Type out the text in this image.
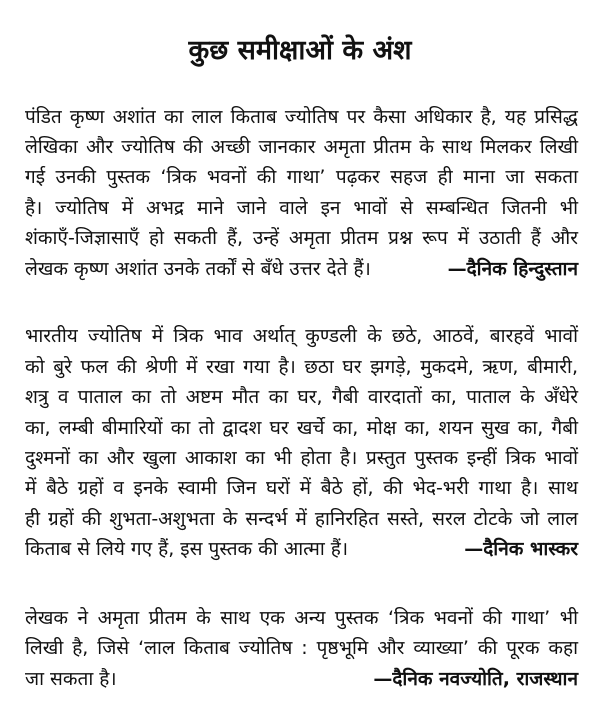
कुछ समीक्षाओं के अंश
पंडित कृष्ण अशांत का लाल किताब ज्योतिष पर कैसा अधिकार है, यह प्रसिद्ध
लेखिका और ज्योतिष की अच्छी जानकार अमृता प्रीतम के साथ मिलकर लिखी
गई उनकी पुस्तक ‘त्रिक भवनों की गाथा’ पढ़कर सहज ही माना जा सकता
है। ज्योतिष में अभद्र माने जाने वाले इन भावों से सम्बन्धित जितनी भी
शंकाएँ-जिज्ञासाएँ हो सकती हैं, उन्हें अमृता प्रीतम प्रश्न रूप में उठाती हैं और
लेखक कृष्ण अशांत उनके तर्कों से बँधे उत्तर देते हैं।	—दैनिक हिन्दुस्तान
भारतीय ज्योतिष में त्रिक भाव अर्थात् कुण्डली के छठे, आठवें, बारहवें भावों
को बुरे फल की श्रेणी में रखा गया है। छठा घर झगड़े, मुकदमे, ऋण, बीमारी,
शत्रु व पाताल का तो अष्टम मौत का घर, गैबी वारदातों का, पाताल के अँधेरे
का, लम्बी बीमारियों का तो द्वादश घर खर्चे का, मोक्ष का, शयन सुख का, गैबी
दुश्मनों का और खुला आकाश का भी होता है। प्रस्तुत पुस्तक इन्हीं त्रिक भावों
में बैठे ग्रहों व इनके स्वामी जिन घरों में बैठे हों, की भेद-भरी गाथा है। साथ
ही ग्रहों की शुभता-अशुभता के सन्दर्भ में हानिरहित सस्ते, सरल टोटके जो लाल
किताब से लिये गए हैं, इस पुस्तक की आत्मा हैं।	—दैनिक भास्कर
लेखक ने अमृता प्रीतम के साथ एक अन्य पुस्तक ‘त्रिक भवनों की गाथा’ भी
लिखी है, जिसे ‘लाल किताब ज्योतिष : पृष्ठभूमि और व्याख्या’ की पूरक कहा
जा सकता है।	—दैनिक नवज्योति, राजस्थान
